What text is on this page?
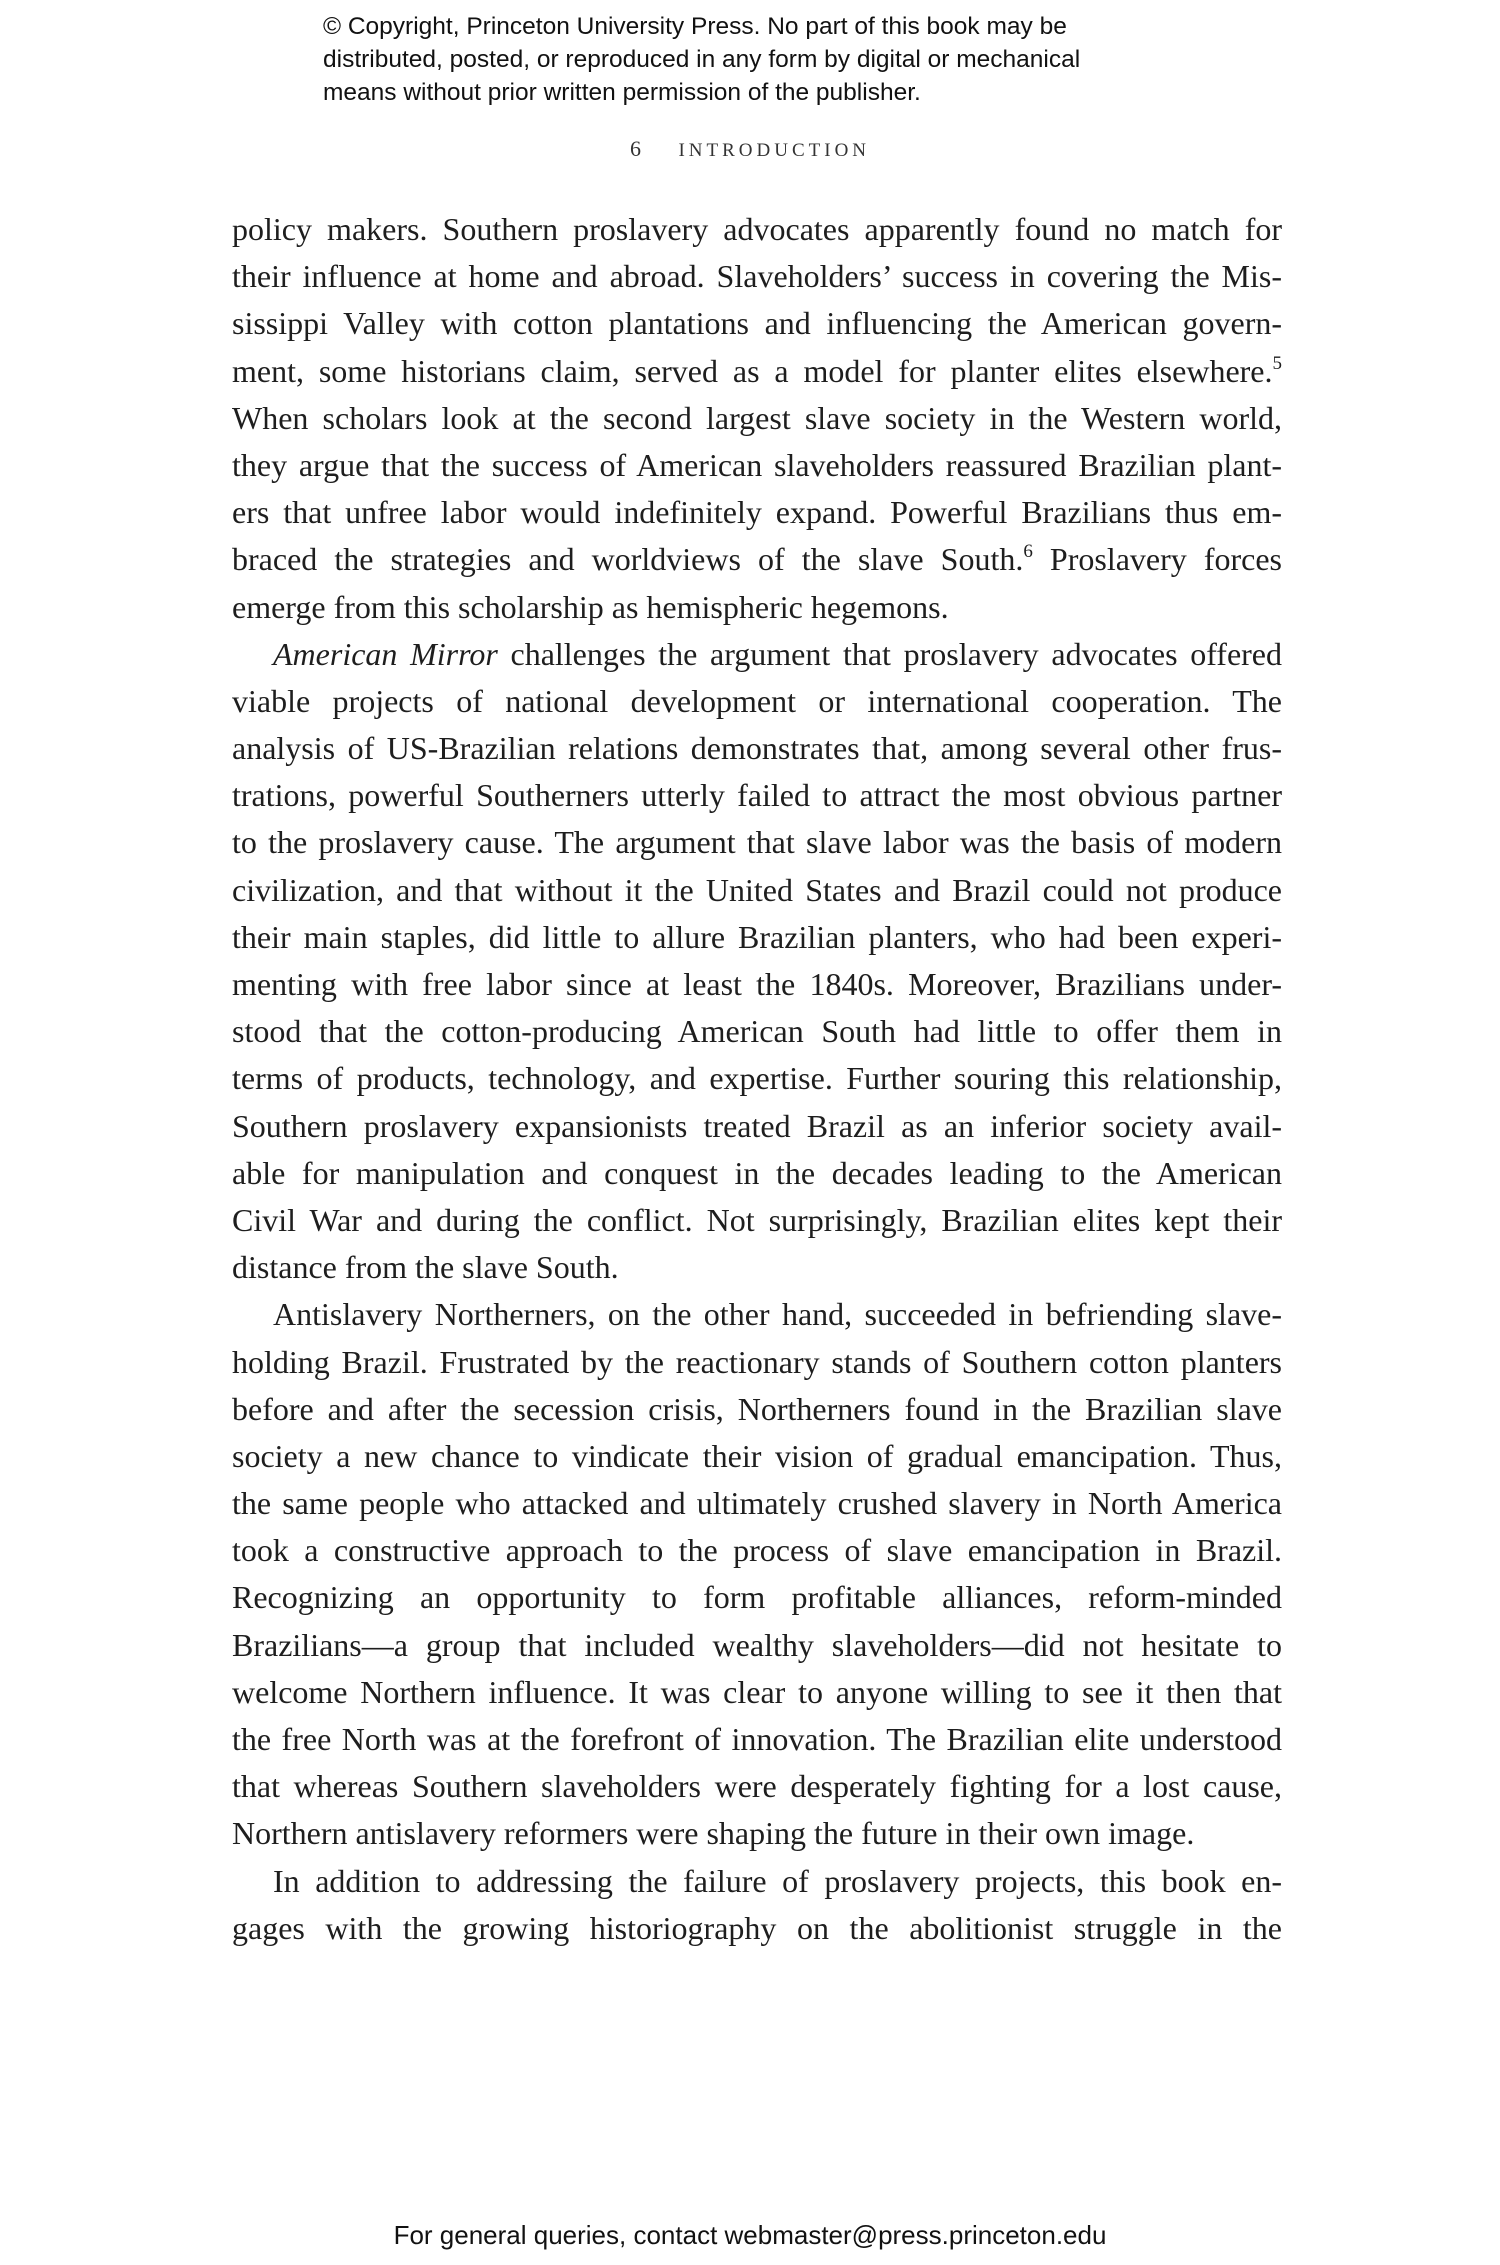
© Copyright, Princeton University Press. No part of this book may be
distributed, posted, or reproduced in any form by digital or mechanical
means without prior written permission of the publisher.
6 INTRODUCTION
policy makers. Southern proslavery advocates apparently found no match for
their influence at home and abroad. Slaveholders’ success in covering the Mis-
sissippi Valley with cotton plantations and influencing the American govern-
ment, some historians claim, served as a model for planter elites elsewhere.$^5$
When scholars look at the second largest slave society in the Western world,
they argue that the success of American slaveholders reassured Brazilian plant-
ers that unfree labor would indefinitely expand. Powerful Brazilians thus em-
braced the strategies and worldviews of the slave South.$^6$ Proslavery forces
emerge from this scholarship as hemispheric hegemons.
American Mirror challenges the argument that proslavery advocates offered
viable projects of national development or international cooperation. The
analysis of US-Brazilian relations demonstrates that, among several other frus-
trations, powerful Southerners utterly failed to attract the most obvious partner
to the proslavery cause. The argument that slave labor was the basis of modern
civilization, and that without it the United States and Brazil could not produce
their main staples, did little to allure Brazilian planters, who had been experi-
menting with free labor since at least the 1840s. Moreover, Brazilians under-
stood that the cotton-producing American South had little to offer them in
terms of products, technology, and expertise. Further souring this relationship,
Southern proslavery expansionists treated Brazil as an inferior society avail-
able for manipulation and conquest in the decades leading to the American
Civil War and during the conflict. Not surprisingly, Brazilian elites kept their
distance from the slave South.
Antislavery Northerners, on the other hand, succeeded in befriending slave-
holding Brazil. Frustrated by the reactionary stands of Southern cotton planters
before and after the secession crisis, Northerners found in the Brazilian slave
society a new chance to vindicate their vision of gradual emancipation. Thus,
the same people who attacked and ultimately crushed slavery in North America
took a constructive approach to the process of slave emancipation in Brazil.
Recognizing an opportunity to form profitable alliances, reform-minded
Brazilians—a group that included wealthy slaveholders—did not hesitate to
welcome Northern influence. It was clear to anyone willing to see it then that
the free North was at the forefront of innovation. The Brazilian elite understood
that whereas Southern slaveholders were desperately fighting for a lost cause,
Northern antislavery reformers were shaping the future in their own image.
In addition to addressing the failure of proslavery projects, this book en-
gages with the growing historiography on the abolitionist struggle in the
For general queries, contact webmaster@press.princeton.edu
